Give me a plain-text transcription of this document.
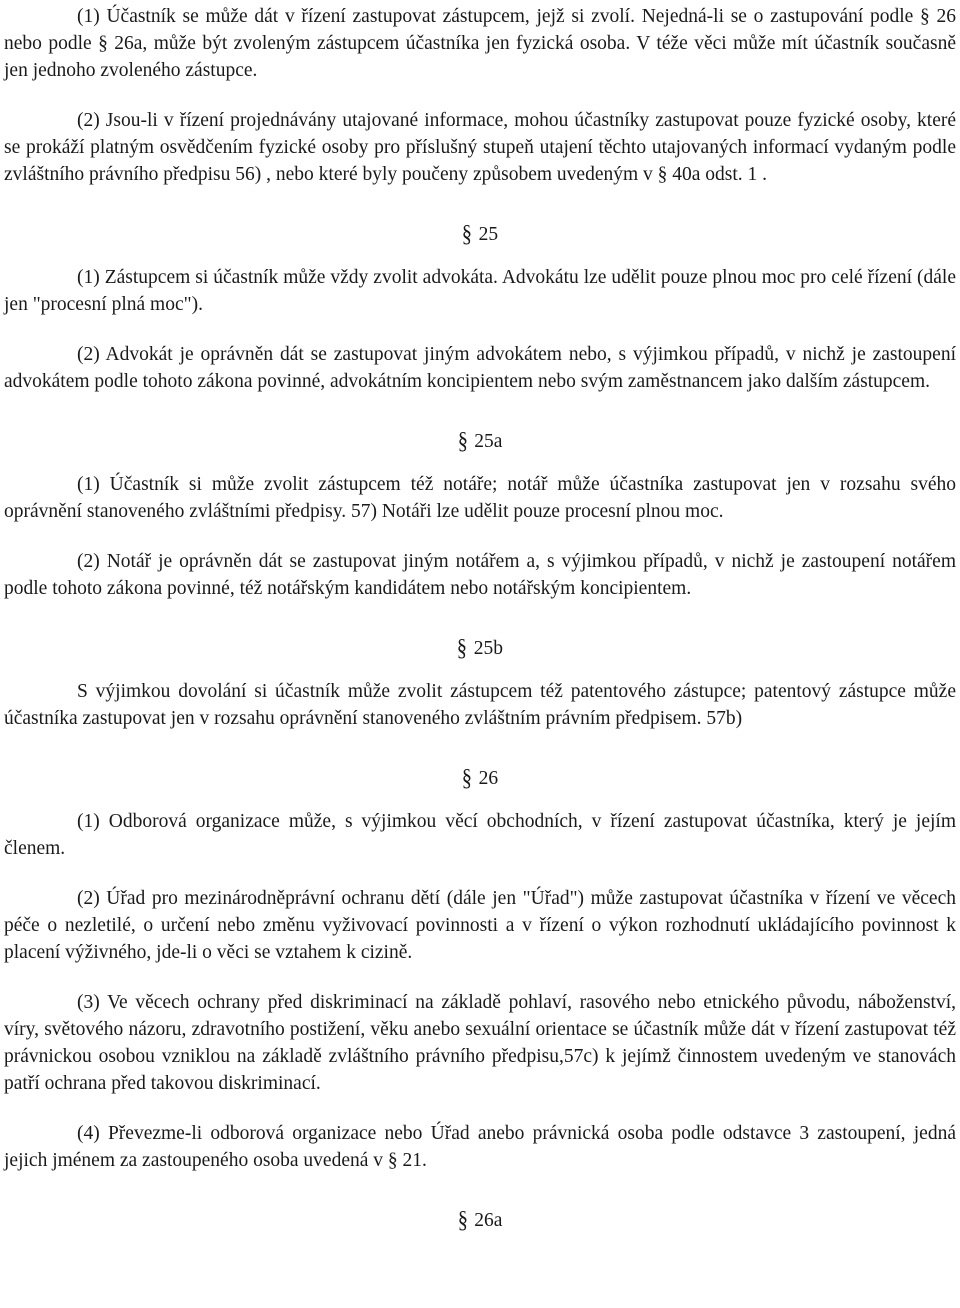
(1) Účastník se může dát v řízení zastupovat zástupcem, jejž si zvolí. Nejedná-li se o zastupování podle § 26 nebo podle § 26a, může být zvoleným zástupcem účastníka jen fyzická osoba. V téže věci může mít účastník současně jen jednoho zvoleného zástupce.

(2) Jsou-li v řízení projednávány utajované informace, mohou účastníky zastupovat pouze fyzické osoby, které se prokáží platným osvědčením fyzické osoby pro příslušný stupeň utajení těchto utajovaných informací vydaným podle zvláštního právního předpisu 56) , nebo které byly poučeny způsobem uvedeným v § 40a odst. 1 .

§ 25

(1) Zástupcem si účastník může vždy zvolit advokáta. Advokátu lze udělit pouze plnou moc pro celé řízení (dále jen "procesní plná moc").

(2) Advokát je oprávněn dát se zastupovat jiným advokátem nebo, s výjimkou případů, v nichž je zastoupení advokátem podle tohoto zákona povinné, advokátním koncipientem nebo svým zaměstnancem jako dalším zástupcem.

§ 25a

(1) Účastník si může zvolit zástupcem též notáře; notář může účastníka zastupovat jen v rozsahu svého oprávnění stanoveného zvláštními předpisy. 57) Notáři lze udělit pouze procesní plnou moc.

(2) Notář je oprávněn dát se zastupovat jiným notářem a, s výjimkou případů, v nichž je zastoupení notářem podle tohoto zákona povinné, též notářským kandidátem nebo notářským koncipientem.

§ 25b

S výjimkou dovolání si účastník může zvolit zástupcem též patentového zástupce; patentový zástupce může účastníka zastupovat jen v rozsahu oprávnění stanoveného zvláštním právním předpisem. 57b)

§ 26

(1) Odborová organizace může, s výjimkou věcí obchodních, v řízení zastupovat účastníka, který je jejím členem.

(2) Úřad pro mezinárodněprávní ochranu dětí (dále jen "Úřad") může zastupovat účastníka v řízení ve věcech péče o nezletilé, o určení nebo změnu vyživovací povinnosti a v řízení o výkon rozhodnutí ukládajícího povinnost k placení výživného, jde-li o věci se vztahem k cizině.

(3) Ve věcech ochrany před diskriminací na základě pohlaví, rasového nebo etnického původu, náboženství, víry, světového názoru, zdravotního postižení, věku anebo sexuální orientace se účastník může dát v řízení zastupovat též právnickou osobou vzniklou na základě zvláštního právního předpisu,57c) k jejímž činnostem uvedeným ve stanovách patří ochrana před takovou diskriminací.

(4) Převezme-li odborová organizace nebo Úřad anebo právnická osoba podle odstavce 3 zastoupení, jedná jejich jménem za zastoupeného osoba uvedená v § 21.

§ 26a
